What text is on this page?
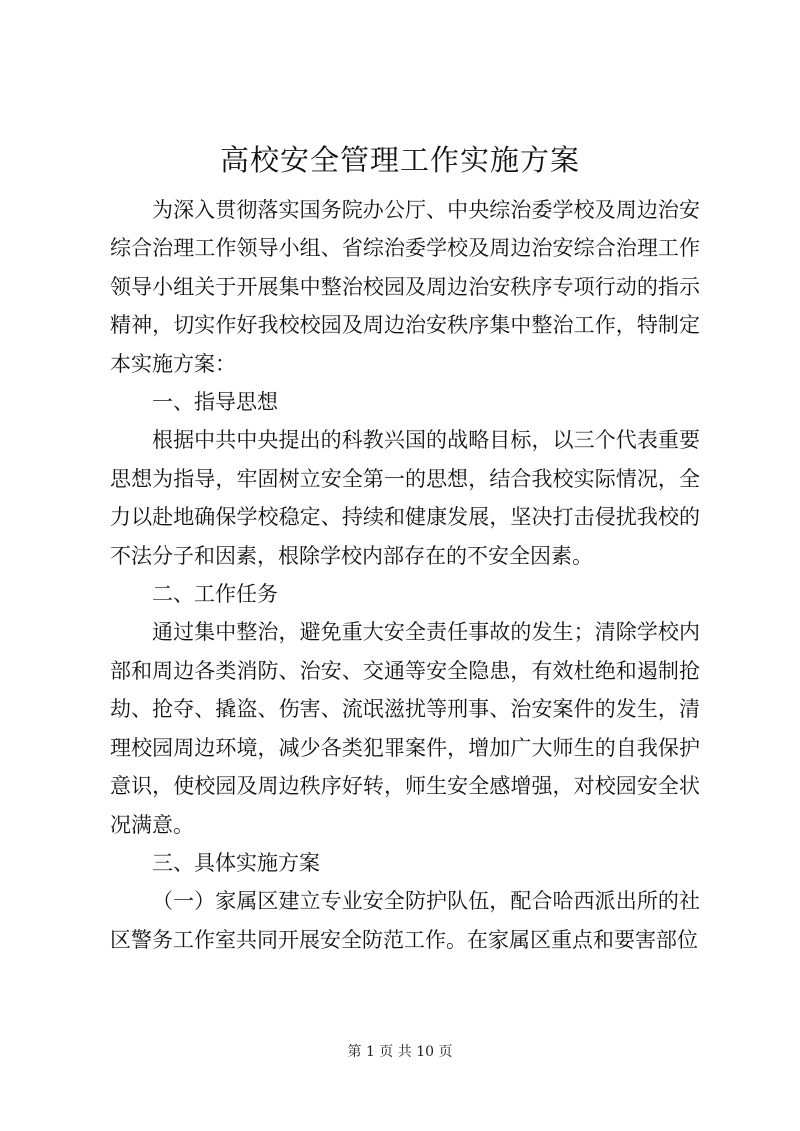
高校安全管理工作实施方案

为深入贯彻落实国务院办公厅、中央综治委学校及周边治安综合治理工作领导小组、省综治委学校及周边治安综合治理工作领导小组关于开展集中整治校园及周边治安秩序专项行动的指示精神，切实作好我校校园及周边治安秩序集中整治工作，特制定本实施方案：

一、指导思想

根据中共中央提出的科教兴国的战略目标，以三个代表重要思想为指导，牢固树立安全第一的思想，结合我校实际情况，全力以赴地确保学校稳定、持续和健康发展，坚决打击侵扰我校的不法分子和因素，根除学校内部存在的不安全因素。

二、工作任务

通过集中整治，避免重大安全责任事故的发生；清除学校内部和周边各类消防、治安、交通等安全隐患，有效杜绝和遏制抢劫、抢夺、撬盗、伤害、流氓滋扰等刑事、治安案件的发生，清理校园周边环境，减少各类犯罪案件，增加广大师生的自我保护意识，使校园及周边秩序好转，师生安全感增强，对校园安全状况满意。

三、具体实施方案

（一）家属区建立专业安全防护队伍，配合哈西派出所的社区警务工作室共同开展安全防范工作。在家属区重点和要害部位

第 1 页 共 10 页
